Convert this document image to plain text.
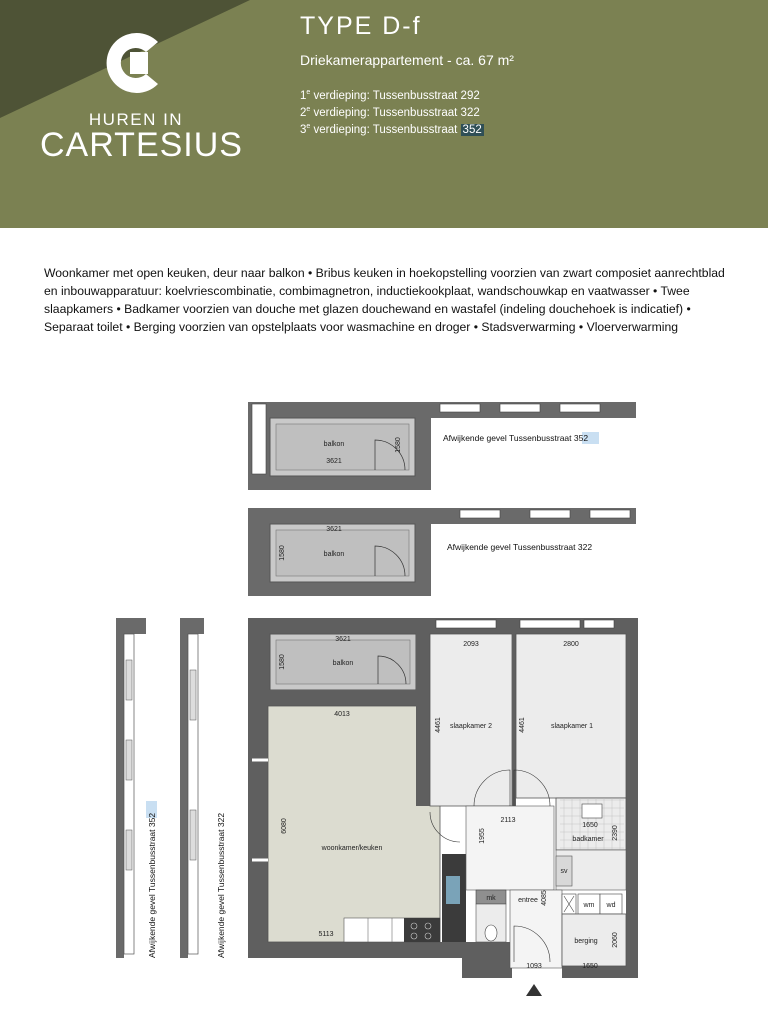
HUREN IN
CARTESIUS
TYPE D-f
Driekamerappartement - ca. 67 m²
1e verdieping: Tussenbusstraat 292
2e verdieping: Tussenbusstraat 322
3e verdieping: Tussenbusstraat 352
Woonkamer met open keuken, deur naar balkon • Bribus keuken in hoekopstelling voorzien van zwart composiet aanrechtblad en inbouwapparatuur: koelvriescombinatie, combimagnetron, inductiekookplaat, wandschouwkap en vaatwasser • Twee slaapkamers • Badkamer voorzien van douche met glazen douchewand en wastafel (indeling douchehoek is indicatief) • Separaat toilet • Berging voorzien van opstelplaats voor wasmachine en droger • Stadsverwarming • Vloerverwarming
balkon
3621
1580	Afwijkende gevel Tussenbusstraat 352
3621
balkon
1580	Afwijkende gevel Tussenbusstraat 322
Afwijkende gevel Tussenbusstraat 352	Afwijkende gevel Tussenbusstraat 322
3621
balkon
1580
4013
woonkamer/keuken
6080
5113
2093
slaapkamer 2
4461
2800
slaapkamer 1
4461
2113
1955
1650
badkamer 2390
sv
mk	entree 4085
1093
wm wd
berging 2060
1650
